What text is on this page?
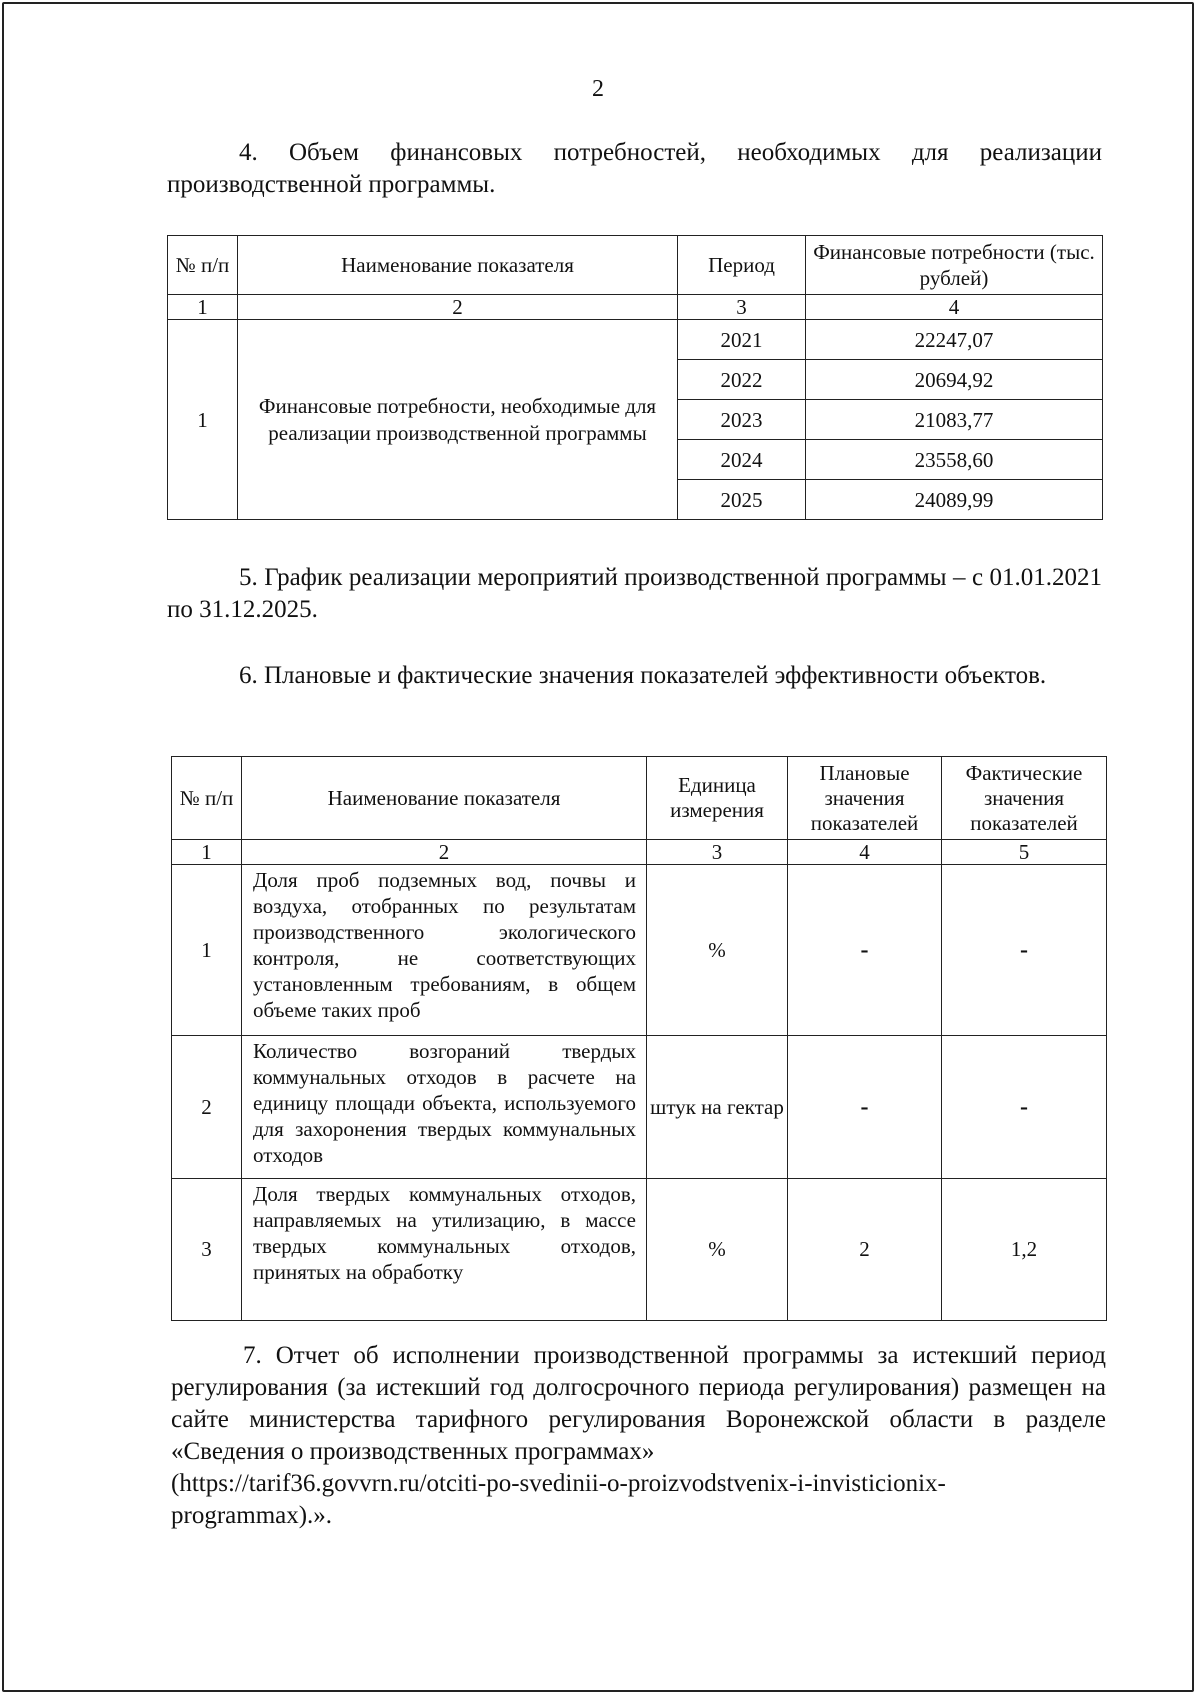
2

4. Объем финансовых потребностей, необходимых для реализации производственной программы.

№ п/п	Наименование показателя	Период	Финансовые потребности (тыс. рублей)
1	2	3	4
1	Финансовые потребности, необходимые для реализации производственной программы	2021	22247,07
		2022	20694,92
		2023	21083,77
		2024	23558,60
		2025	24089,99

5. График реализации мероприятий производственной программы – с 01.01.2021 по 31.12.2025.

6. Плановые и фактические значения показателей эффективности объектов.

№ п/п	Наименование показателя	Единица измерения	Плановые значения показателей	Фактические значения показателей
1	2	3	4	5
1	Доля проб подземных вод, почвы и воздуха, отобранных по результатам производственного экологического контроля, не соответствующих установленным требованиям, в общем объеме таких проб	%	-	-
2	Количество возгораний твердых коммунальных отходов в расчете на единицу площади объекта, используемого для захоронения твердых коммунальных отходов	штук на гектар	-	-
3	Доля твердых коммунальных отходов, направляемых на утилизацию, в массе твердых коммунальных отходов, принятых на обработку	%	2	1,2

7. Отчет об исполнении производственной программы за истекший период регулирования (за истекший год долгосрочного периода регулирования) размещен на сайте министерства тарифного регулирования Воронежской области в разделе «Сведения о производственных программах»

(https://tarif36.govvrn.ru/otciti-po-svedinii-o-proizvodstvenix-i-invisticionix-programmax).».
